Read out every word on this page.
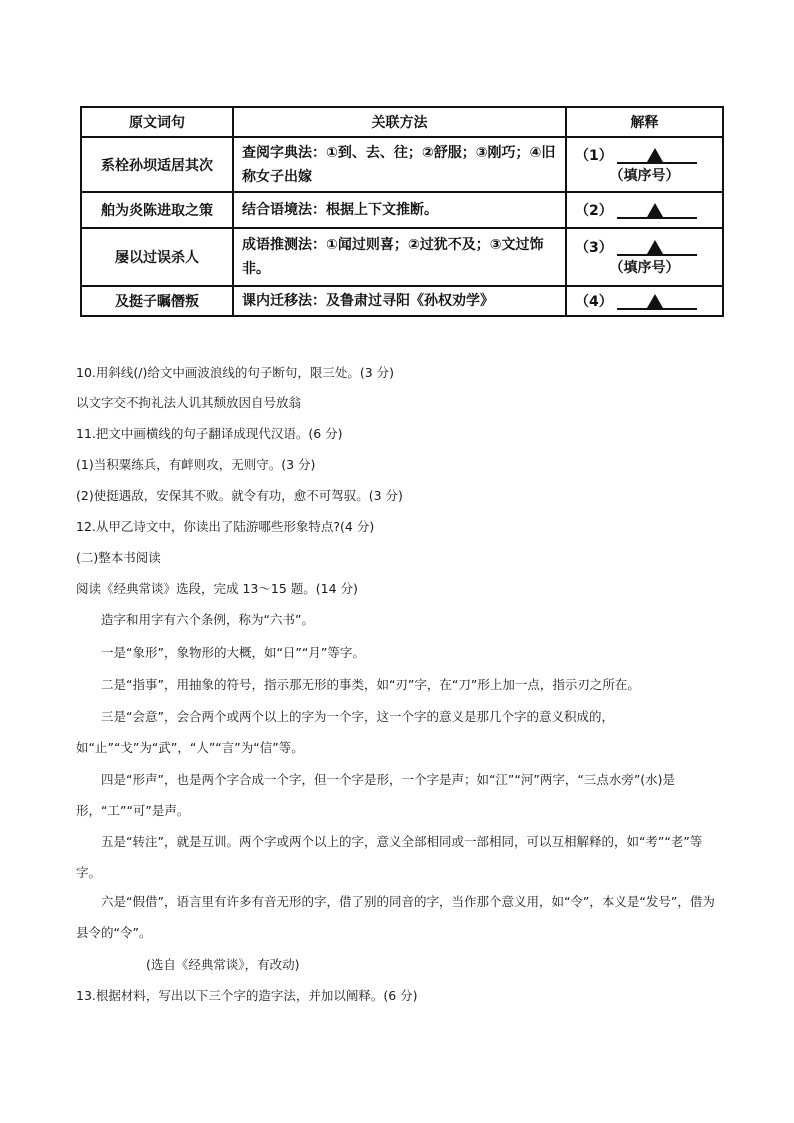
原文词句	关联方法	解释
系栓孙坝适居其次	查阅字典法：①到、去、往；②舒服；③刚巧；④旧称女子出嫁	（1）
（填序号）

舶为炎陈进取之策	结合语境法：根据上下文推断。	（2）

屡以过误杀人	成语推测法：①闻过则喜；②过犹不及；③文过饰非。	（3）
（填序号）

及挺子瞩僭叛	课内迁移法：及鲁肃过寻阳《孙权劝学》	（4）
10.用斜线(/)给文中画波浪线的句子断句，限三处。(3 分)
以文字交不拘礼法人讥其颓放因自号放翁
11.把文中画横线的句子翻译成现代汉语。(6 分)
(1)当积粟练兵，有衅则攻，无则守。(3 分)
(2)使挺遇敌，安保其不败。就令有功，愈不可驾驭。(3 分)
12.从甲乙诗文中，你读出了陆游哪些形象特点?(4 分)
(二)整本书阅读
阅读《经典常谈》选段，完成 13～15 题。(14 分)
造字和用字有六个条例，称为“六书”。
一是“象形”，象物形的大概，如“日”“月”等字。
二是“指事”，用抽象的符号，指示那无形的事类，如“刃”字，在“刀”形上加一点，指示刃之所在。
三是“会意”，会合两个或两个以上的字为一个字，这一个字的意义是那几个字的意义积成的，如“止”“戈”为“武”，“人”“言”为“信”等。
四是“形声”，也是两个字合成一个字，但一个字是形，一个字是声；如“江”“河”两字，“三点水旁”(水)是形，“工”“可”是声。
五是“转注”，就是互训。两个字或两个以上的字，意义全部相同或一部相同，可以互相解释的，如“考”“老”等字。
六是“假借”，语言里有许多有音无形的字，借了别的同音的字，当作那个意义用，如“令”，本义是“发号”，借为县令的“令”。
(选自《经典常谈》，有改动)
13.根据材料，写出以下三个字的造字法，并加以阐释。(6 分)
